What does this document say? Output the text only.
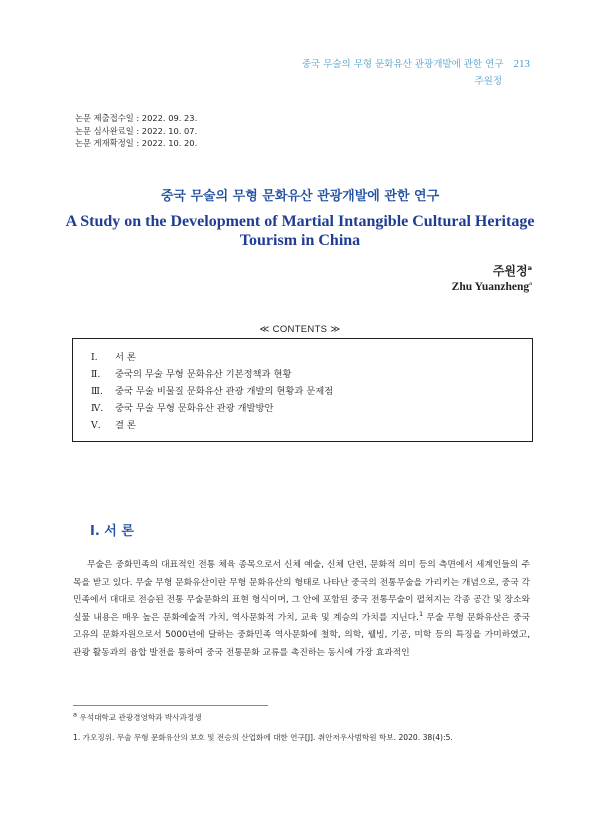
중국 무술의 무형 문화유산 관광개발에 관한 연구 213
주원정
논문 제출접수일 : 2022. 09. 23.
논문 심사완료일 : 2022. 10. 07.
논문 게재확정일 : 2022. 10. 20.
중국 무술의 무형 문화유산 관광개발에 관한 연구
A Study on the Development of Martial Intangible Cultural Heritage Tourism in China
주원정$^a$
Zhu Yuanzheng$^a$
≪ CONTENTS ≫
Ⅰ.	서 론
Ⅱ.	중국의 무술 무형 문화유산 기본정책과 현황
Ⅲ.	중국 무술 비물질 문화유산 관광 개발의 현황과 문제점
Ⅳ.	중국 무술 무형 문화유산 관광 개발방안
Ⅴ.	결 론
Ⅰ. 서 론

무술은 중화민족의 대표적인 전통 체육 종목으로서 신체 예술, 신체 단련, 문화적 의미 등의 측면에서 세계인들의 주목을 받고 있다. 무술 무형 문화유산이란 무형 문화유산의 형태로 나타난 중국의 전통무술을 가리키는 개념으로, 중국 각 민족에서 대대로 전승된 전통 무술문화의 표현 형식이며, 그 안에 포함된 중국 전통무술이 펼쳐지는 각종 공간 및 장소와 실물 내용은 매우 높은 문화예술적 가치, 역사문화적 가치, 교육 및 계승의 가치를 지닌다.$^1$ 무술 무형 문화유산은 중국 고유의 문화자원으로서 5000년에 달하는 중화민족 역사문화에 철학, 의학, 웰빙, 기공, 미학 등의 특징을 가미하였고, 관광 활동과의 융합 발전을 통하여 중국 전통문화 교류를 촉진하는 동시에 가장 효과적인

$^a$ 우석대학교 관광경영학과 박사과정생
1. 가오징위. 무술 무형 문화유산의 보호 및 전승의 산업화에 대한 연구[J]. 취안저우사범학원 학보. 2020. 38(4):5.
